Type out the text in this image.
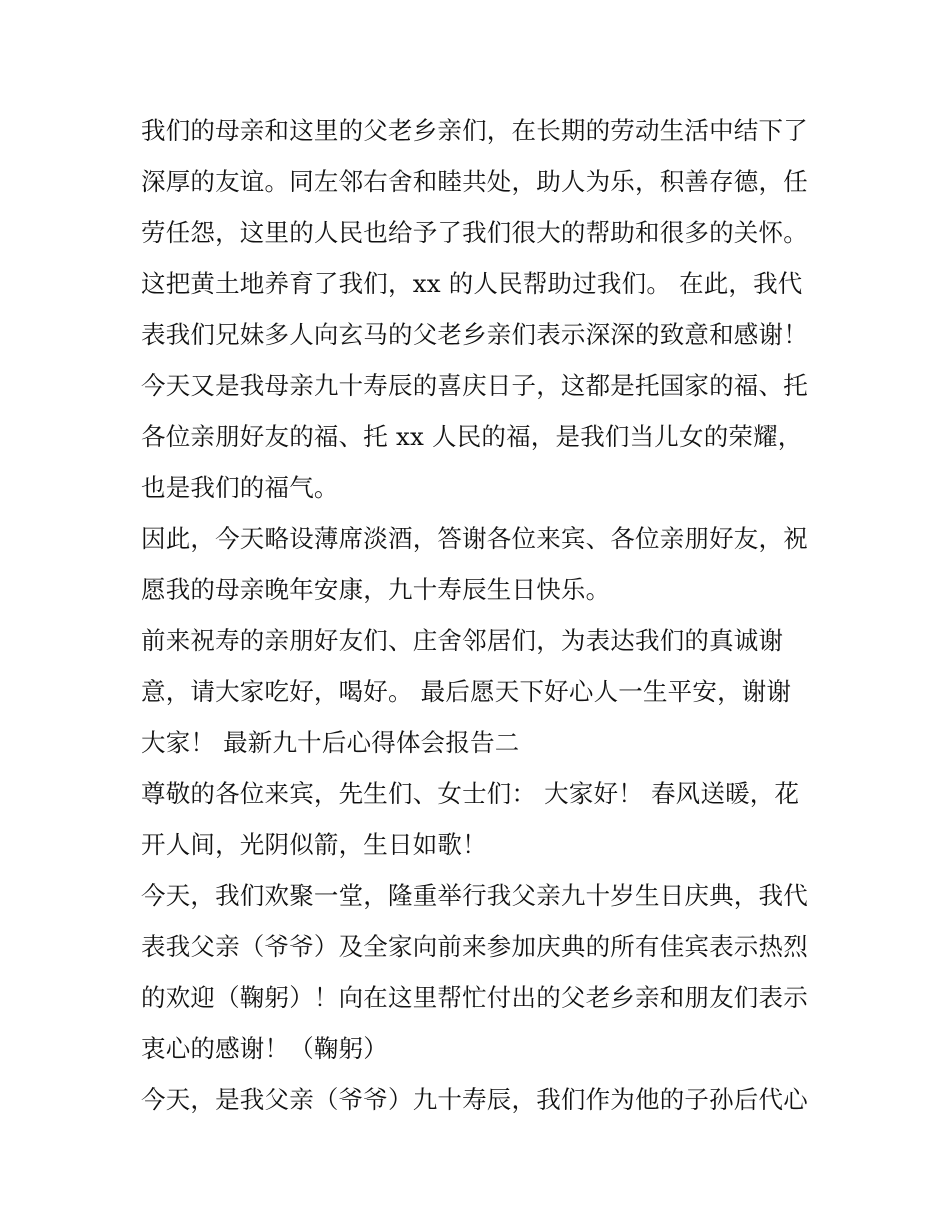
我们的母亲和这里的父老乡亲们，在长期的劳动生活中结下了
深厚的友谊。同左邻右舍和睦共处，助人为乐，积善存德，任
劳任怨，这里的人民也给予了我们很大的帮助和很多的关怀。
这把黄土地养育了我们，xx 的人民帮助过我们。 在此，我代
表我们兄妹多人向玄马的父老乡亲们表示深深的致意和感谢！
今天又是我母亲九十寿辰的喜庆日子，这都是托国家的福、托
各位亲朋好友的福、托 xx 人民的福，是我们当儿女的荣耀，
也是我们的福气。
因此，今天略设薄席淡酒，答谢各位来宾、各位亲朋好友，祝
愿我的母亲晚年安康，九十寿辰生日快乐。
前来祝寿的亲朋好友们、庄舍邻居们，为表达我们的真诚谢
意，请大家吃好，喝好。 最后愿天下好心人一生平安，谢谢
大家！ 最新九十后心得体会报告二
尊敬的各位来宾，先生们、女士们： 大家好！ 春风送暖，花
开人间，光阴似箭，生日如歌！
今天，我们欢聚一堂，隆重举行我父亲九十岁生日庆典，我代
表我父亲（爷爷）及全家向前来参加庆典的所有佳宾表示热烈
的欢迎（鞠躬）！向在这里帮忙付出的父老乡亲和朋友们表示
衷心的感谢！（鞠躬）
今天，是我父亲（爷爷）九十寿辰，我们作为他的子孙后代心
